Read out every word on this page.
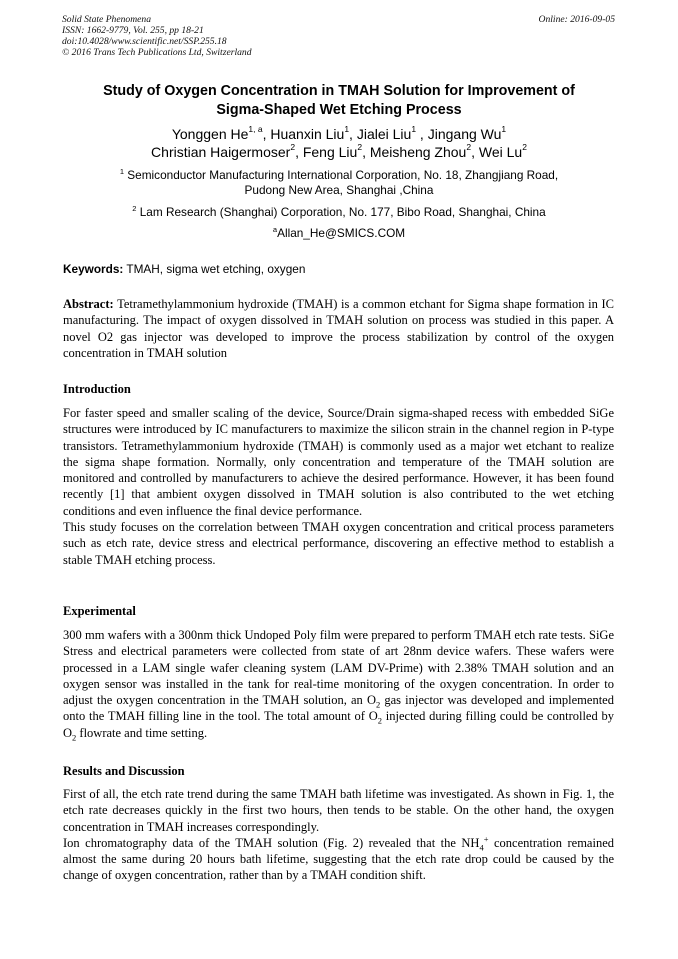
Solid State Phenomena
ISSN: 1662-9779, Vol. 255, pp 18-21
doi:10.4028/www.scientific.net/SSP.255.18
© 2016 Trans Tech Publications Ltd, Switzerland
Online: 2016-09-05
Study of Oxygen Concentration in TMAH Solution for Improvement of
Sigma-Shaped Wet Etching Process
Yonggen He$^{1, a}$, Huanxin Liu$^1$, Jialei Liu$^1$ , Jingang Wu$^1$
Christian Haigermoser$^2$, Feng Liu$^2$, Meisheng Zhou$^2$, Wei Lu$^2$
$^1$ Semiconductor Manufacturing International Corporation, No. 18, Zhangjiang Road,
Pudong New Area, Shanghai ,China
$^2$ Lam Research (Shanghai) Corporation, No. 177, Bibo Road, Shanghai, China
$^a$Allan_He@SMICS.COM
Keywords: TMAH, sigma wet etching, oxygen
Abstract: Tetramethylammonium hydroxide (TMAH) is a common etchant for Sigma shape formation in IC manufacturing. The impact of oxygen dissolved in TMAH solution on process was studied in this paper. A novel O2 gas injector was developed to improve the process stabilization by control of the oxygen concentration in TMAH solution
Introduction
For faster speed and smaller scaling of the device, Source/Drain sigma-shaped recess with embedded SiGe structures were introduced by IC manufacturers to maximize the silicon strain in the channel region in P-type transistors. Tetramethylammonium hydroxide (TMAH) is commonly used as a major wet etchant to realize the sigma shape formation. Normally, only concentration and temperature of the TMAH solution are monitored and controlled by manufacturers to achieve the desired performance. However, it has been found recently [1] that ambient oxygen dissolved in TMAH solution is also contributed to the wet etching conditions and even influence the final device performance.
This study focuses on the correlation between TMAH oxygen concentration and critical process parameters such as etch rate, device stress and electrical performance, discovering an effective method to establish a stable TMAH etching process.
Experimental
300 mm wafers with a 300nm thick Undoped Poly film were prepared to perform TMAH etch rate tests. SiGe Stress and electrical parameters were collected from state of art 28nm device wafers. These wafers were processed in a LAM single wafer cleaning system (LAM DV-Prime) with 2.38% TMAH solution and an oxygen sensor was installed in the tank for real-time monitoring of the oxygen concentration. In order to adjust the oxygen concentration in the TMAH solution, an $O_2$ gas injector was developed and implemented onto the TMAH filling line in the tool. The total amount of $O_2$ injected during filling could be controlled by $O_2$ flowrate and time setting.
Results and Discussion
First of all, the etch rate trend during the same TMAH bath lifetime was investigated. As shown in Fig. 1, the etch rate decreases quickly in the first two hours, then tends to be stable. On the other hand, the oxygen concentration in TMAH increases correspondingly.
Ion chromatography data of the TMAH solution (Fig. 2) revealed that the $NH_4^+$ concentration remained almost the same during 20 hours bath lifetime, suggesting that the etch rate drop could be caused by the change of oxygen concentration, rather than by a TMAH condition shift.
